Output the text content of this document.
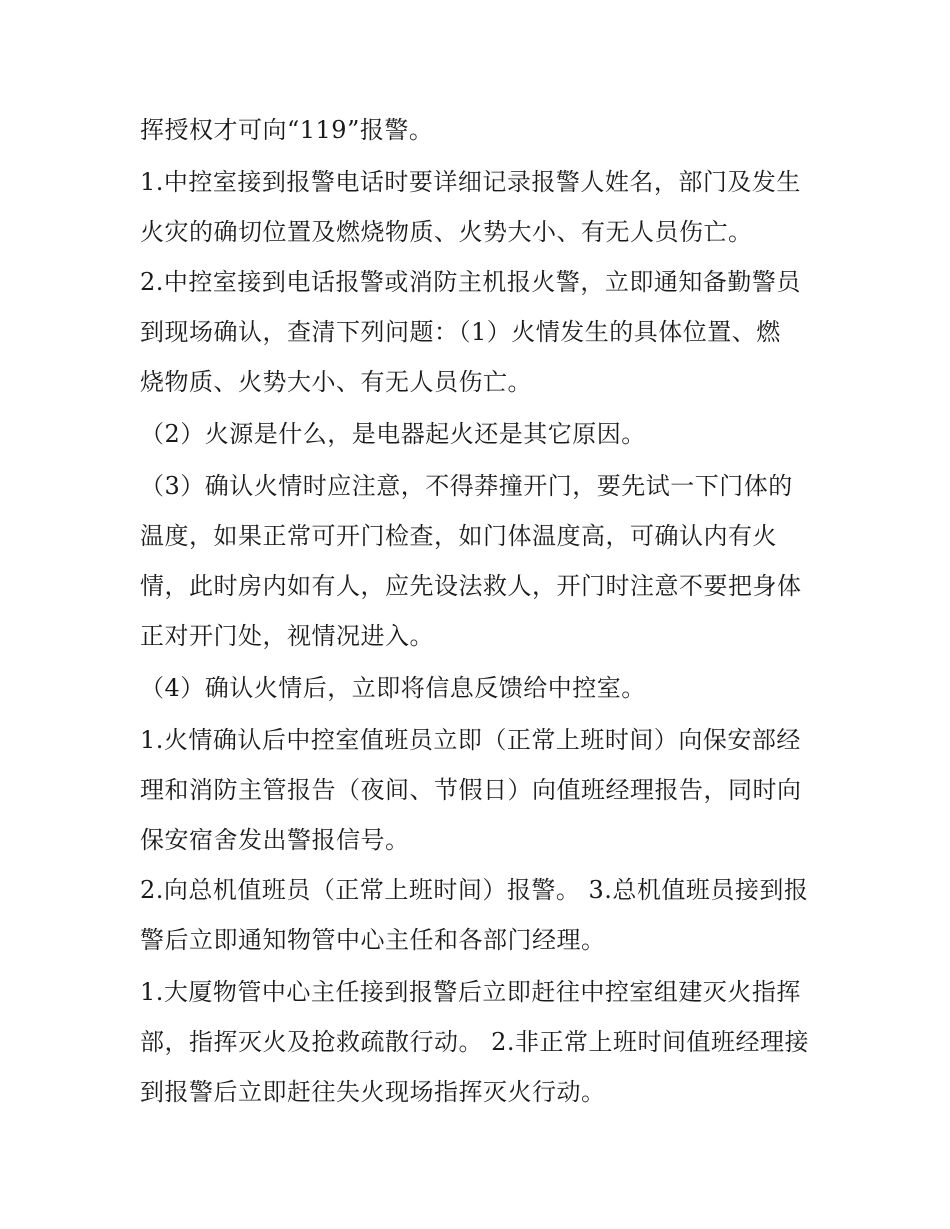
挥授权才可向“119”报警。
1.中控室接到报警电话时要详细记录报警人姓名，部门及发生
火灾的确切位置及燃烧物质、火势大小、有无人员伤亡。
2.中控室接到电话报警或消防主机报火警，立即通知备勤警员
到现场确认，查清下列问题：（1）火情发生的具体位置、燃
烧物质、火势大小、有无人员伤亡。
（2）火源是什么，是电器起火还是其它原因。
（3）确认火情时应注意，不得莽撞开门，要先试一下门体的
温度，如果正常可开门检查，如门体温度高，可确认内有火
情，此时房内如有人，应先设法救人，开门时注意不要把身体
正对开门处，视情况进入。
（4）确认火情后，立即将信息反馈给中控室。
1.火情确认后中控室值班员立即（正常上班时间）向保安部经
理和消防主管报告（夜间、节假日）向值班经理报告，同时向
保安宿舍发出警报信号。
2.向总机值班员（正常上班时间）报警。 3.总机值班员接到报
警后立即通知物管中心主任和各部门经理。
1.大厦物管中心主任接到报警后立即赶往中控室组建灭火指挥
部，指挥灭火及抢救疏散行动。 2.非正常上班时间值班经理接
到报警后立即赶往失火现场指挥灭火行动。
